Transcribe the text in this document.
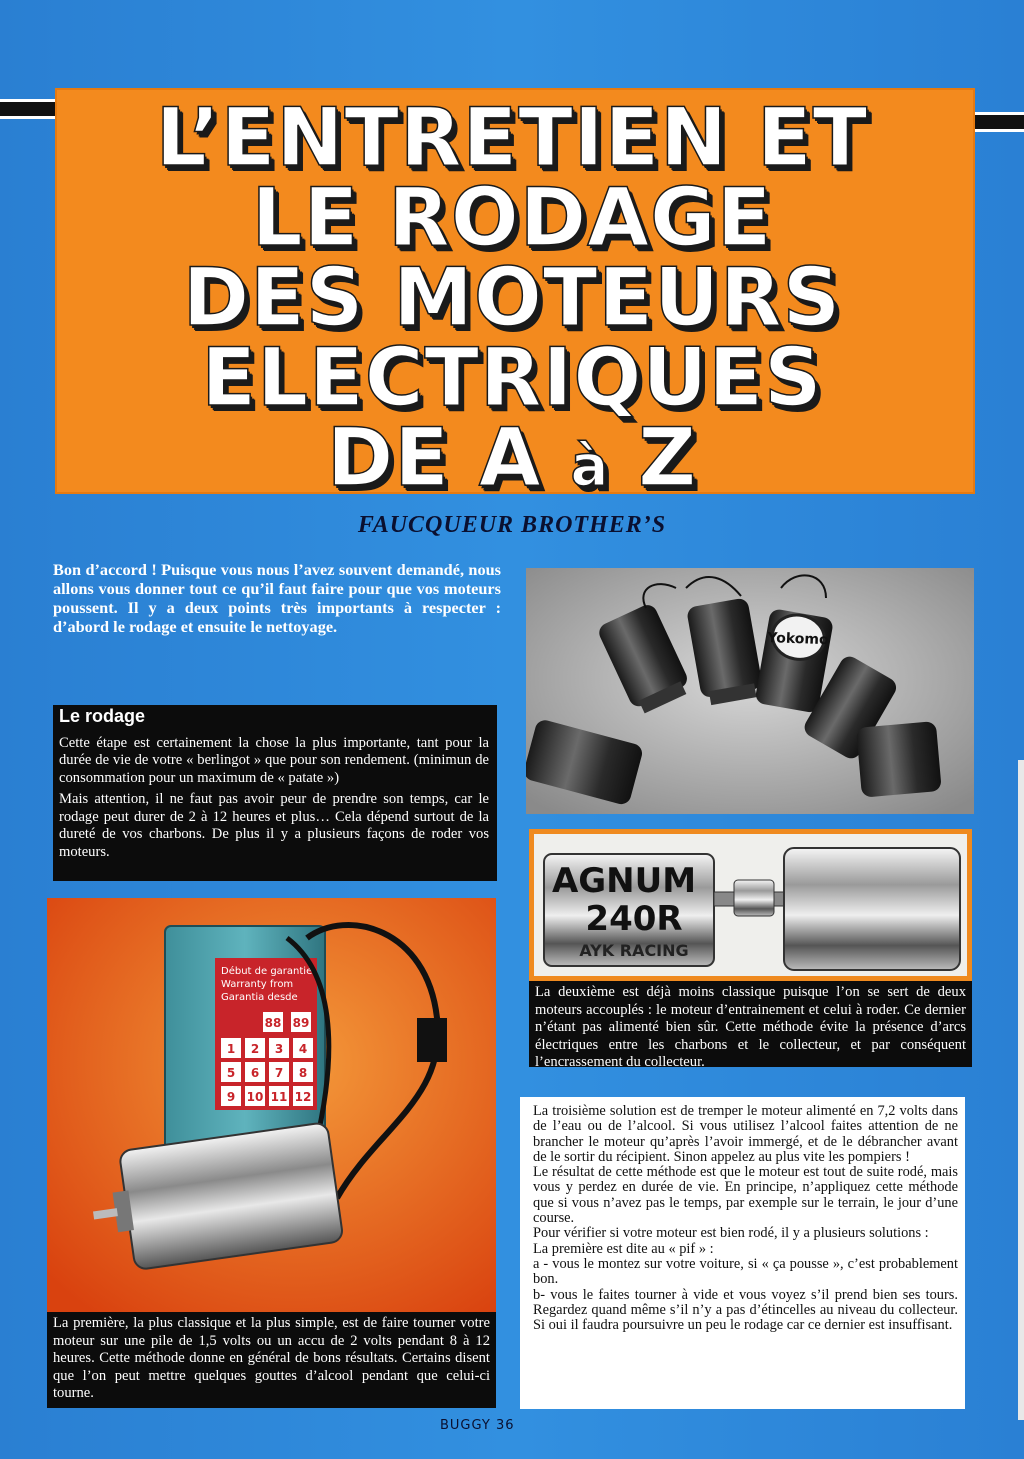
L’ENTRETIEN ET
LE RODAGE
DES MOTEURS
ELECTRIQUES
DE A à Z
FAUCQUEUR BROTHER’S
Bon d’accord ! Puisque vous nous l’avez souvent demandé, nous allons vous donner tout ce qu’il faut faire pour que vos moteurs poussent. Il y a deux points très importants à respecter : d’abord le rodage et ensuite le nettoyage.
Le rodage

Cette étape est certainement la chose la plus importante, tant pour la durée de vie de votre « berlingot » que pour son rendement. (minimun de consommation pour un maximum de « patate »)

Mais attention, il ne faut pas avoir peur de prendre son temps, car le rodage peut durer de 2 à 12 heures et plus… Cela dépend surtout de la dureté de vos charbons. De plus il y a plusieurs façons de roder vos moteurs.

Yokomo
AGNUM
240R
AYK RACING
La deuxième est déjà moins classique puisque l’on se sert de deux moteurs accouplés : le moteur d’entrainement et celui à roder. Ce dernier n’étant pas alimenté bien sûr. Cette méthode évite la présence d’arcs électriques entre les charbons et le collecteur, et par conséquent l’encrassement du collecteur.
Début de garantie
Warranty from
Garantia desde
88 89
1 2 3 4
5 6 7 8
9 10 11 12
La première, la plus classique et la plus simple, est de faire tourner votre moteur sur une pile de 1,5 volts ou un accu de 2 volts pendant 8 à 12 heures. Cette méthode donne en général de bons résultats. Certains disent que l’on peut mettre quelques gouttes d’alcool pendant que celui-ci tourne.

La troisième solution est de tremper le moteur alimenté en 7,2 volts dans de l’eau ou de l’alcool. Si vous utilisez l’alcool faites attention de ne brancher le moteur qu’après l’avoir immergé, et de le débrancher avant de le sortir du récipient. Sinon appelez au plus vite les pompiers !

Le résultat de cette méthode est que le moteur est tout de suite rodé, mais vous y perdez en durée de vie. En principe, n’appliquez cette méthode que si vous n’avez pas le temps, par exemple sur le terrain, le jour d’une course.

Pour vérifier si votre moteur est bien rodé, il y a plusieurs solutions :

La première est dite au « pif » :

a - vous le montez sur votre voiture, si « ça pousse », c’est probablement bon.

b- vous le faites tourner à vide et vous voyez s’il prend bien ses tours. Regardez quand même s’il n’y a pas d’étincelles au niveau du collecteur. Si oui il faudra poursuivre un peu le rodage car ce dernier est insuffisant.

BUGGY 36
